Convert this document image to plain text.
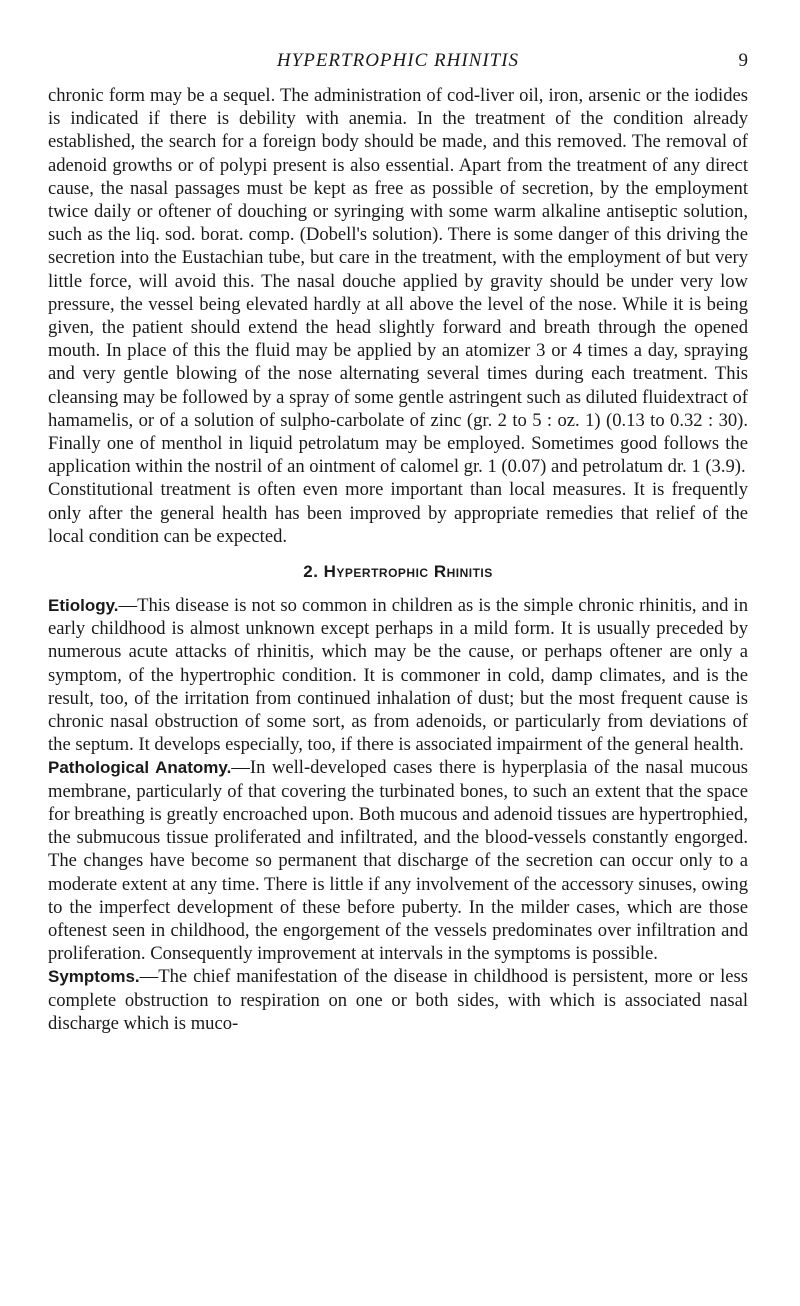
HYPERTROPHIC RHINITIS	9

chronic form may be a sequel. The administration of cod-liver oil, iron, arsenic or the iodides is indicated if there is debility with anemia. In the treatment of the condition already established, the search for a foreign body should be made, and this removed. The removal of adenoid growths or of polypi present is also essential. Apart from the treatment of any direct cause, the nasal passages must be kept as free as possible of secretion, by the employment twice daily or oftener of douching or syringing with some warm alkaline antiseptic solution, such as the liq. sod. borat. comp. (Dobell's solution). There is some danger of this driving the secretion into the Eustachian tube, but care in the treatment, with the employment of but very little force, will avoid this. The nasal douche applied by gravity should be under very low pressure, the vessel being elevated hardly at all above the level of the nose. While it is being given, the patient should extend the head slightly forward and breath through the opened mouth. In place of this the fluid may be applied by an atomizer 3 or 4 times a day, spraying and very gentle blowing of the nose alternating several times during each treatment. This cleansing may be followed by a spray of some gentle astringent such as diluted fluidextract of hamamelis, or of a solution of sulpho-carbolate of zinc (gr. 2 to 5 : oz. 1) (0.13 to 0.32 : 30). Finally one of menthol in liquid petrolatum may be employed. Sometimes good follows the application within the nostril of an ointment of calomel gr. 1 (0.07) and petrolatum dr. 1 (3.9).

Constitutional treatment is often even more important than local measures. It is frequently only after the general health has been improved by appropriate remedies that relief of the local condition can be expected.

2. Hypertrophic Rhinitis

Etiology.—This disease is not so common in children as is the simple chronic rhinitis, and in early childhood is almost unknown except perhaps in a mild form. It is usually preceded by numerous acute attacks of rhinitis, which may be the cause, or perhaps oftener are only a symptom, of the hypertrophic condition. It is commoner in cold, damp climates, and is the result, too, of the irritation from continued inhalation of dust; but the most frequent cause is chronic nasal obstruction of some sort, as from adenoids, or particularly from deviations of the septum. It develops especially, too, if there is associated impairment of the general health.

Pathological Anatomy.—In well-developed cases there is hyperplasia of the nasal mucous membrane, particularly of that covering the turbinated bones, to such an extent that the space for breathing is greatly encroached upon. Both mucous and adenoid tissues are hypertrophied, the submucous tissue proliferated and infiltrated, and the blood-vessels constantly engorged. The changes have become so permanent that discharge of the secretion can occur only to a moderate extent at any time. There is little if any involvement of the accessory sinuses, owing to the imperfect development of these before puberty. In the milder cases, which are those oftenest seen in childhood, the engorgement of the vessels predominates over infiltration and proliferation. Consequently improvement at intervals in the symptoms is possible.

Symptoms.—The chief manifestation of the disease in childhood is persistent, more or less complete obstruction to respiration on one or both sides, with which is associated nasal discharge which is muco-
